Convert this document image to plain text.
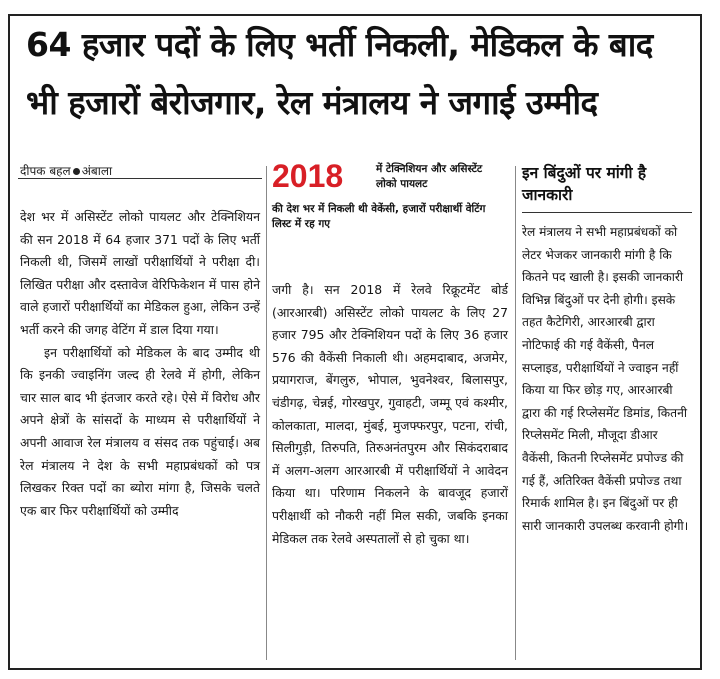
64 हजार पदों के लिए भर्ती निकली, मेडिकल के बाद
भी हजारों बेरोजगार, रेल मंत्रालय ने जगाई उम्मीद
दीपक बहल अंबाला

देश भर में असिस्टेंट लोको पायलट और टेक्निशियन की सन 2018 में 64 हजार 371 पदों के लिए भर्ती निकली थी, जिसमें लाखों परीक्षार्थियों ने परीक्षा दी। लिखित परीक्षा और दस्तावेज वेरिफिकेशन में पास होने वाले हजारों परीक्षार्थियों का मेडिकल हुआ, लेकिन उन्हें भर्ती करने की जगह वेटिंग में डाल दिया गया।

इन परीक्षार्थियों को मेडिकल के बाद उम्मीद थी कि इनकी ज्वाइनिंग जल्द ही रेलवे में होगी, लेकिन चार साल बाद भी इंतजार करते रहे। ऐसे में विरोध और अपने क्षेत्रों के सांसदों के माध्यम से परीक्षार्थियों ने अपनी आवाज रेल मंत्रालय व संसद तक पहुंचाई। अब रेल मंत्रालय ने देश के सभी महाप्रबंधकों को पत्र लिखकर रिक्त पदों का ब्योरा मांगा है, जिसके चलते एक बार फिर परीक्षार्थियों को उम्मीद

2018	में टेक्निशियन और असिस्टेंट लोको पायलट
की देश भर में निकली थी वेकेंसी, हजारों परीक्षार्थी वेटिंग लिस्ट में रह गए

जगी है। सन 2018 में रेलवे रिक्रूटमेंट बोर्ड (आरआरबी) असिस्टेंट लोको पायलट के लिए 27 हजार 795 और टेक्निशियन पदों के लिए 36 हजार 576 की वैकेंसी निकाली थी। अहमदाबाद, अजमेर, प्रयागराज, बेंगलुरु, भोपाल, भुवनेश्वर, बिलासपुर, चंडीगढ़, चेन्नई, गोरखपुर, गुवाहटी, जम्मू एवं कश्मीर, कोलकाता, मालदा, मुंबई, मुजफ्फरपुर, पटना, रांची, सिलीगुड़ी, तिरुपति, तिरुअनंतपुरम और सिकंदराबाद में अलग-अलग आरआरबी में परीक्षार्थियों ने आवेदन किया था। परिणाम निकलने के बावजूद हजारों परीक्षार्थी को नौकरी नहीं मिल सकी, जबकि इनका मेडिकल तक रेलवे अस्पतालों से हो चुका था।

इन बिंदुओं पर मांगी है जानकारी
रेल मंत्रालय ने सभी महाप्रबंधकों को लेटर भेजकर जानकारी मांगी है कि कितने पद खाली है। इसकी जानकारी विभिन्न बिंदुओं पर देनी होगी। इसके तहत कैटेगिरी, आरआरबी द्वारा नोटिफाई की गई वैकेंसी, पैनल सप्लाइड, परीक्षार्थियों ने ज्वाइन नहीं किया या फिर छोड़ गए, आरआरबी द्वारा की गई रिप्लेसमेंट डिमांड, कितनी रिप्लेसमेंट मिली, मौजूदा डीआर वैकेंसी, कितनी रिप्लेसमेंट प्रपोज्ड की गई हैं, अतिरिक्त वैकेंसी प्रपोज्ड तथा रिमार्क शामिल है। इन बिंदुओं पर ही सारी जानकारी उपलब्ध करवानी होगी।
